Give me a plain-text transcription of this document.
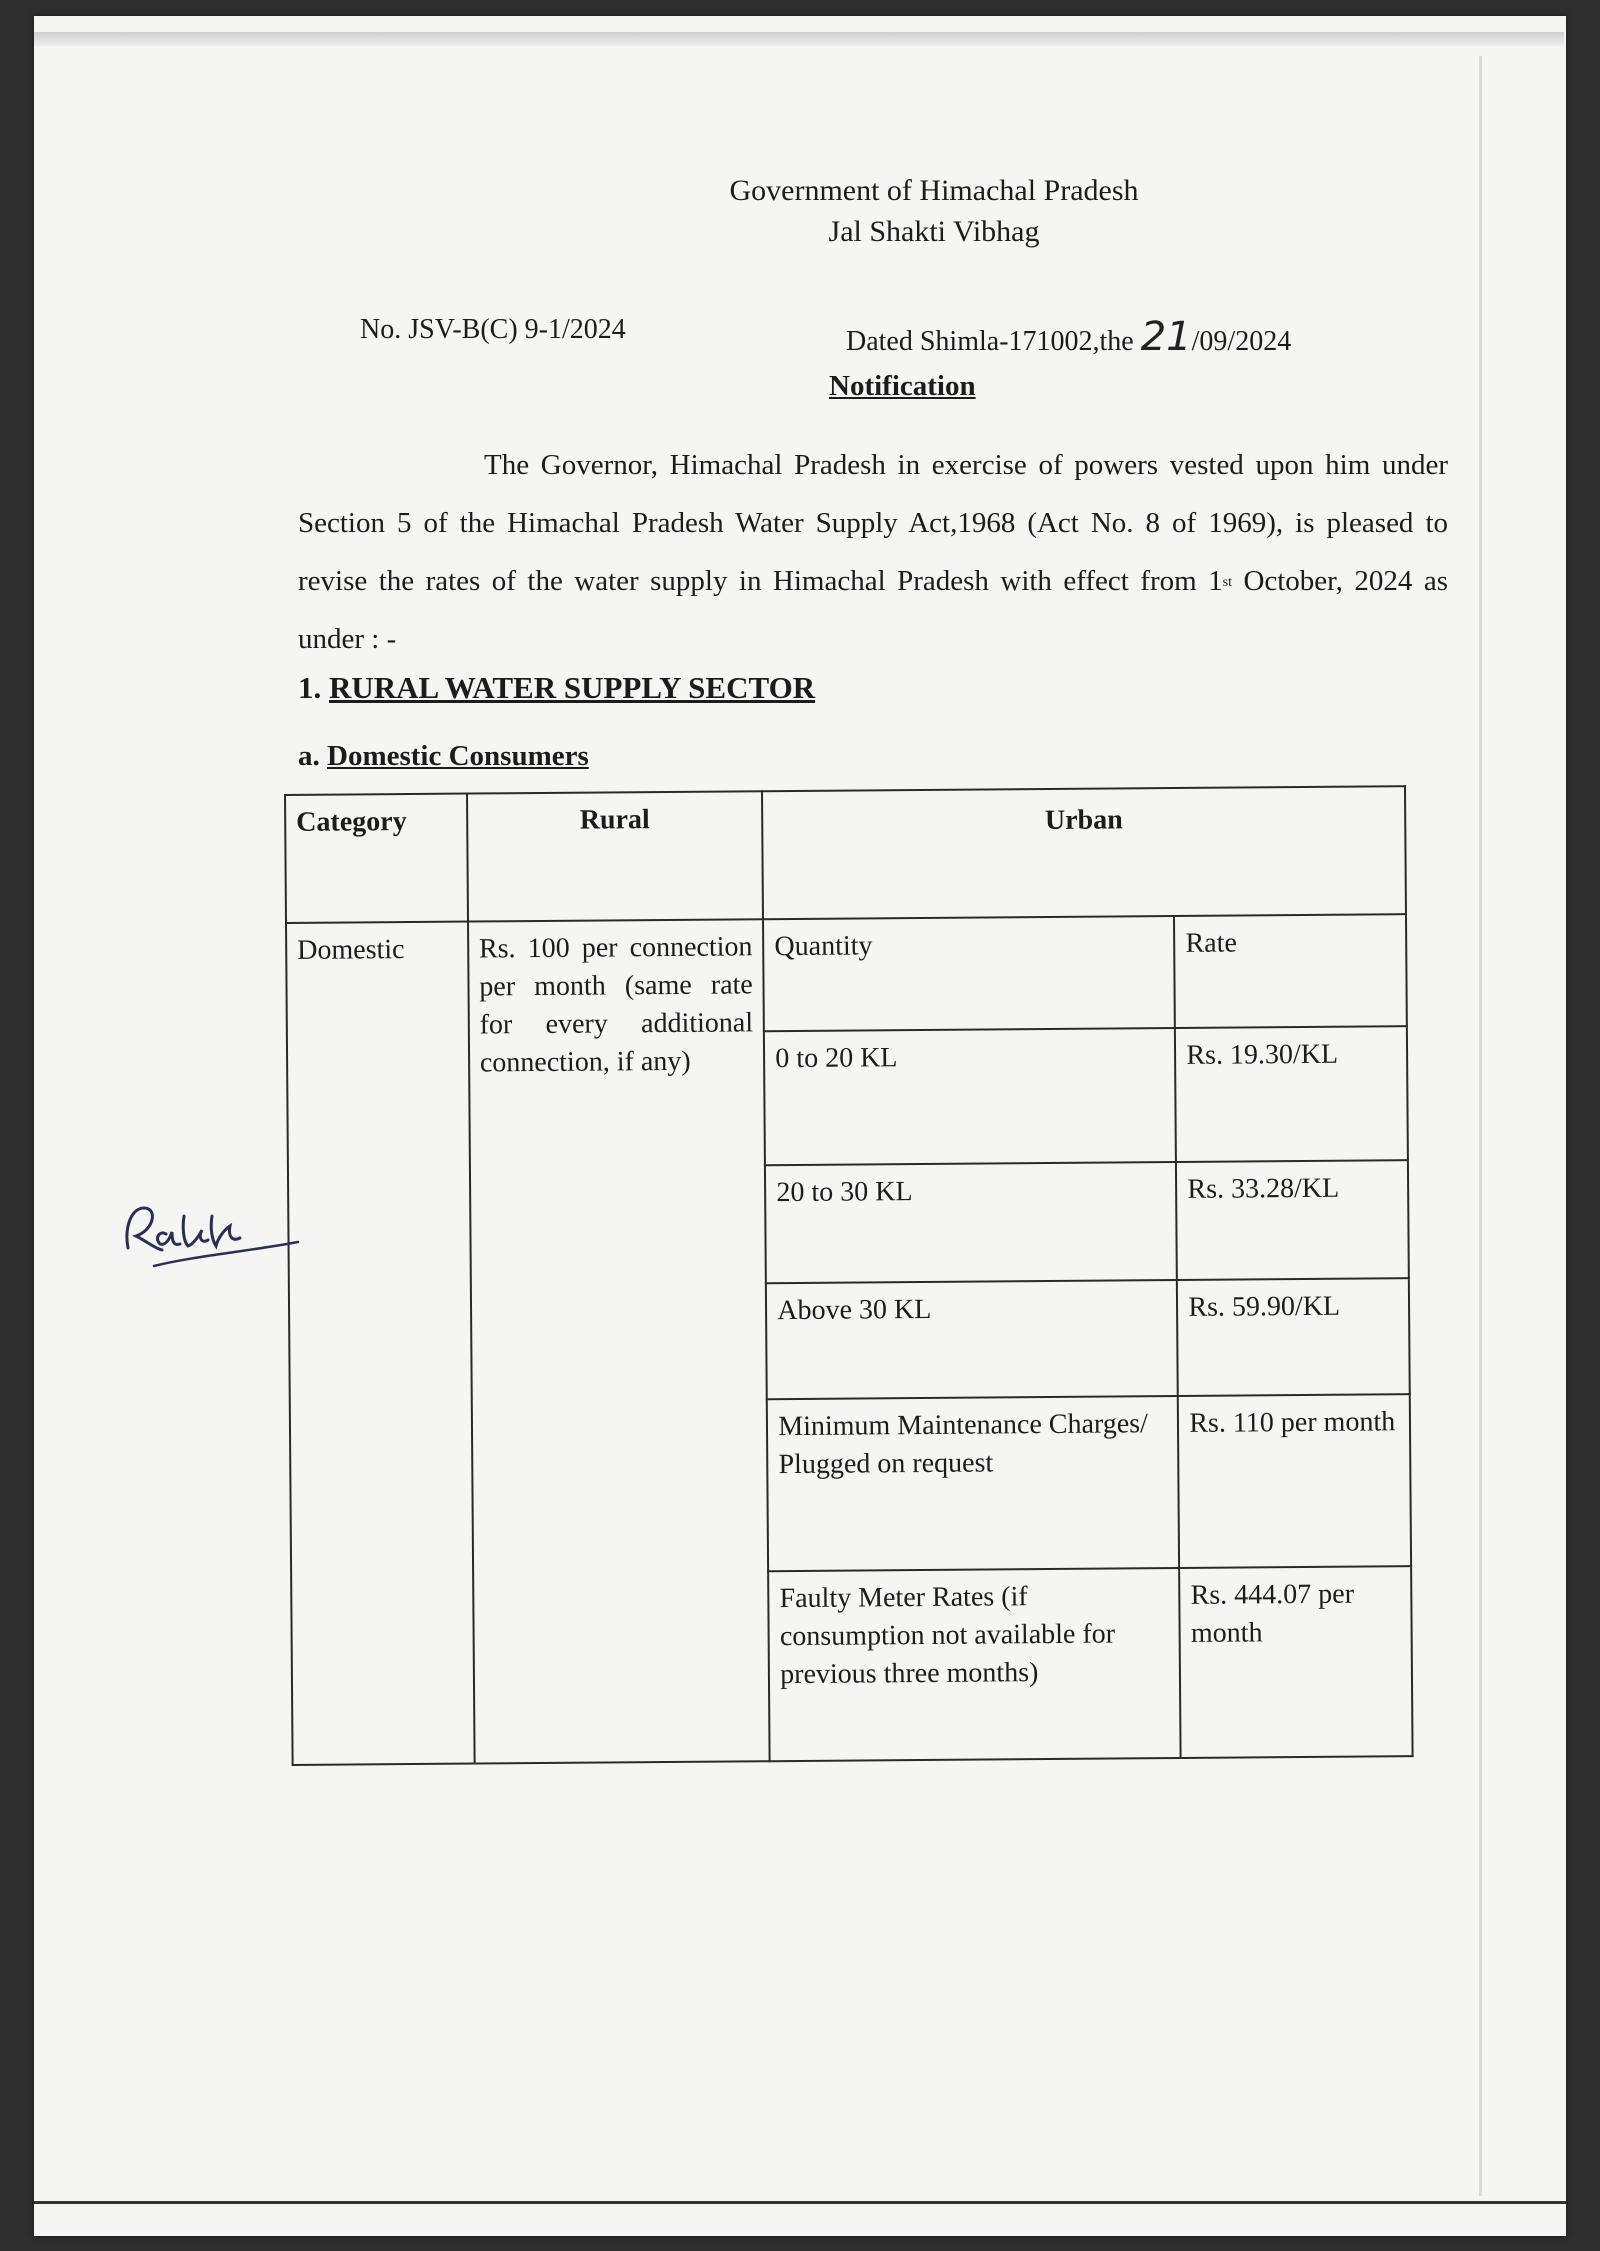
Government of Himachal Pradesh
Jal Shakti Vibhag
No. JSV-B(C) 9-1/2024	Dated Shimla-171002,the 21/09/2024
Notification
The Governor, Himachal Pradesh in exercise of powers vested upon him under Section 5 of the Himachal Pradesh Water Supply Act,1968 (Act No. 8 of 1969), is pleased to revise the rates of the water supply in Himachal Pradesh with effect from 1st October, 2024 as under : -
1. RURAL WATER SUPPLY SECTOR
a. Domestic Consumers
Category	Rural	Urban	
Domestic	Rs. 100 per connection per month (same rate for every additional connection, if any)	Quantity	Rate
		0 to 20 KL	Rs. 19.30/KL
		20 to 30 KL	Rs. 33.28/KL
		Above 30 KL	Rs. 59.90/KL
		Minimum Maintenance Charges/ Plugged on request	Rs. 110 per month
		Faulty Meter Rates (if consumption not available for previous three months)	Rs. 444.07 per month
